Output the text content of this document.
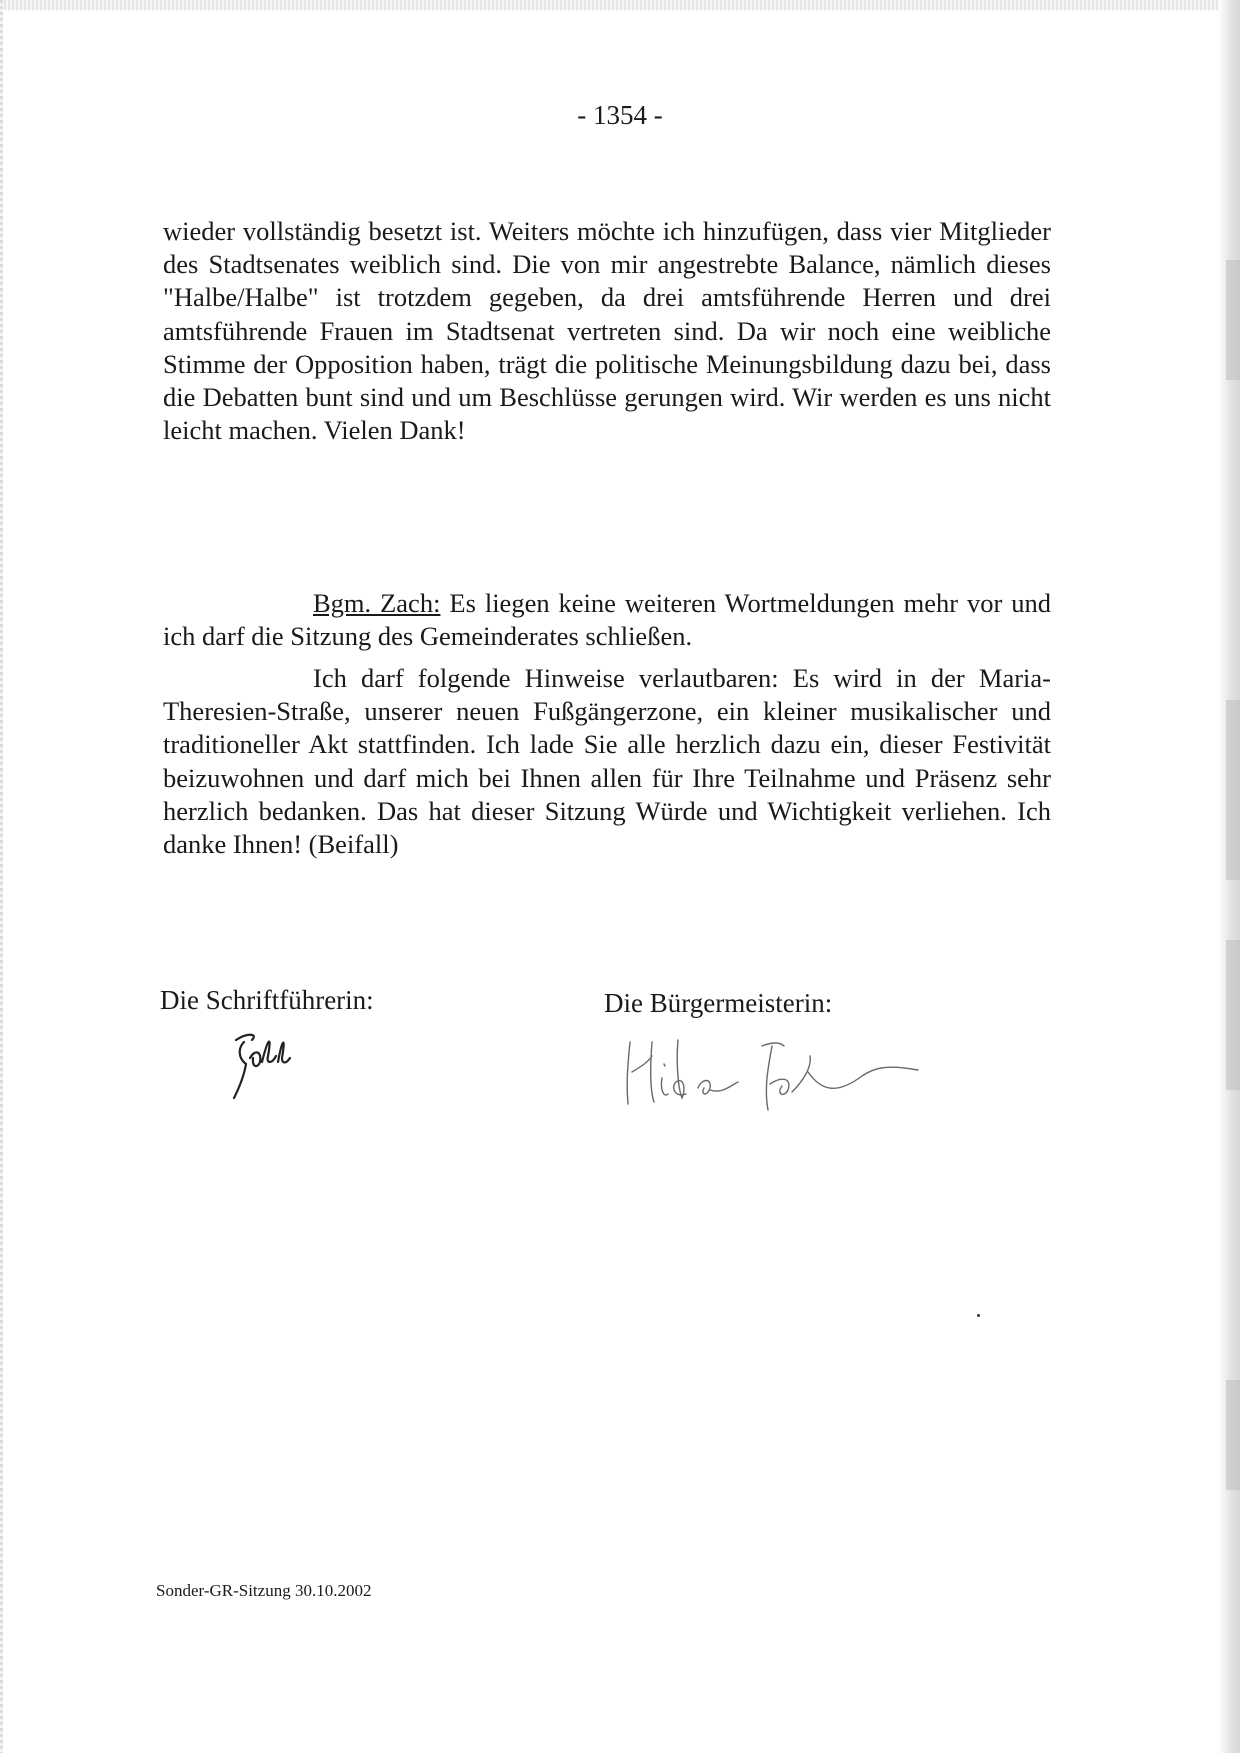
- 1354 -

wieder vollständig besetzt ist. Weiters möchte ich hinzufügen, dass vier Mitglieder des Stadtsenates weiblich sind. Die von mir angestrebte Balance, nämlich dieses "Halbe/Halbe" ist trotzdem gegeben, da drei amtsführende Herren und drei amtsführende Frauen im Stadtsenat vertreten sind. Da wir noch eine weibliche Stimme der Opposition haben, trägt die politische Meinungsbildung dazu bei, dass die Debatten bunt sind und um Beschlüsse gerungen wird. Wir werden es uns nicht leicht machen. Vielen Dank!

Bgm. Zach: Es liegen keine weiteren Wortmeldungen mehr vor und ich darf die Sitzung des Gemeinderates schließen.

Ich darf folgende Hinweise verlautbaren: Es wird in der Maria-Theresien-Straße, unserer neuen Fußgängerzone, ein kleiner musikalischer und traditioneller Akt stattfinden. Ich lade Sie alle herzlich dazu ein, dieser Festivität beizuwohnen und darf mich bei Ihnen allen für Ihre Teilnahme und Präsenz sehr herzlich bedanken. Das hat dieser Sitzung Würde und Wichtigkeit verliehen. Ich danke Ihnen! (Beifall)

Die Schriftführerin:	Die Bürgermeisterin:
Sonder-GR-Sitzung 30.10.2002
